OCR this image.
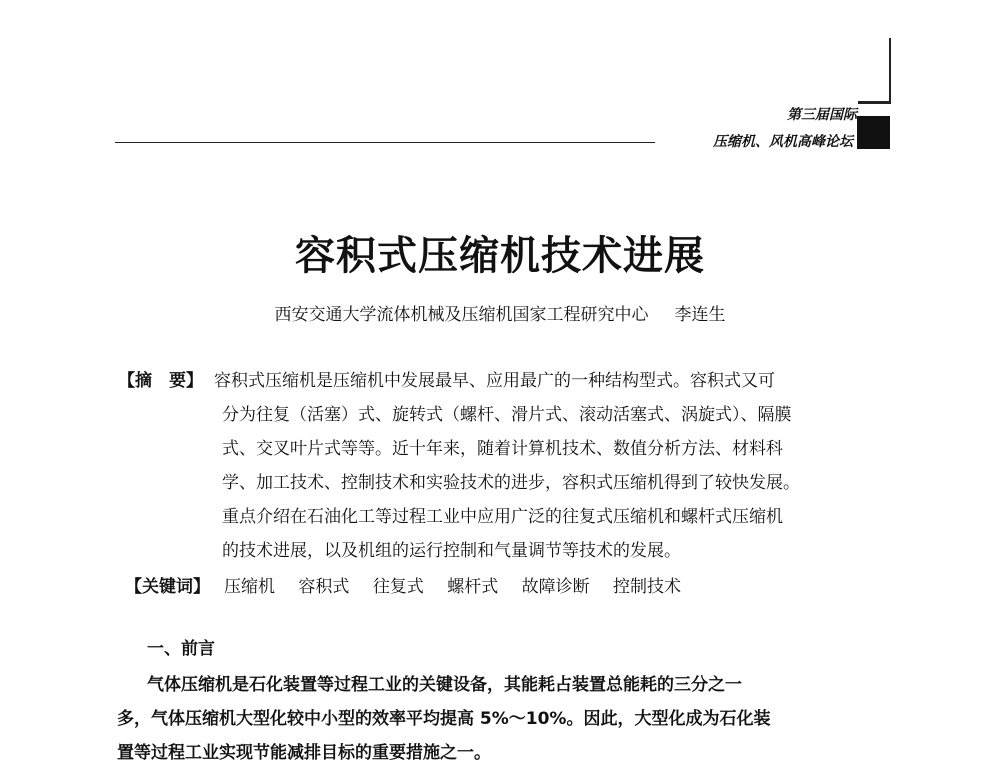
第三届国际
压缩机、风机高峰论坛
容积式压缩机技术进展
西安交通大学流体机械及压缩机国家工程研究中心 李连生
【摘　要】 容积式压缩机是压缩机中发展最早、应用最广的一种结构型式。容积式又可
分为往复（活塞）式、旋转式（螺杆、滑片式、滚动活塞式、涡旋式）、隔膜
式、交叉叶片式等等。近十年来，随着计算机技术、数值分析方法、材料科
学、加工技术、控制技术和实验技术的进步，容积式压缩机得到了较快发展。
重点介绍在石油化工等过程工业中应用广泛的往复式压缩机和螺杆式压缩机
的技术进展，以及机组的运行控制和气量调节等技术的发展。
【关键词】 压缩机 容积式 往复式 螺杆式 故障诊断 控制技术
一、前言
气体压缩机是石化装置等过程工业的关键设备，其能耗占装置总能耗的三分之一
多，气体压缩机大型化较中小型的效率平均提高 5%～10%。因此，大型化成为石化装
置等过程工业实现节能减排目标的重要措施之一。
